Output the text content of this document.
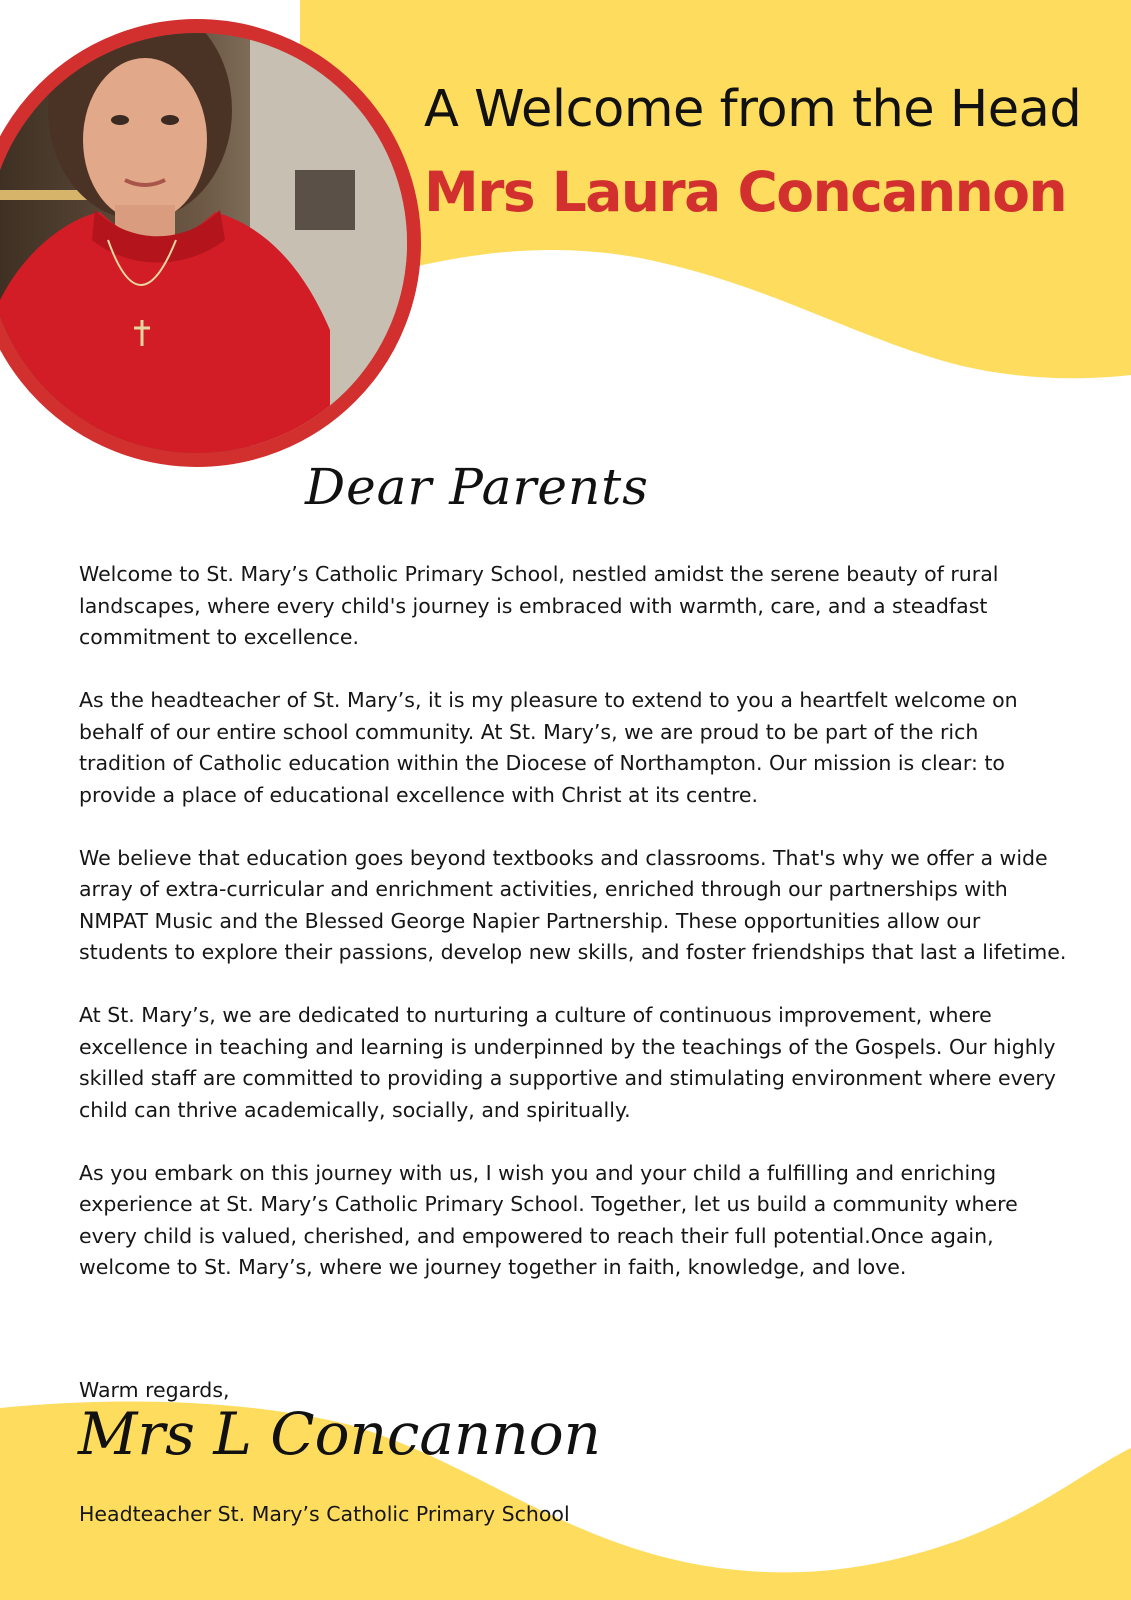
A Welcome from the Head
Mrs Laura Concannon
Dear Parents

Welcome to St. Mary’s Catholic Primary School, nestled amidst the serene beauty of rural landscapes, where every child's journey is embraced with warmth, care, and a steadfast commitment to excellence.

As the headteacher of St. Mary’s, it is my pleasure to extend to you a heartfelt welcome on behalf of our entire school community. At St. Mary’s, we are proud to be part of the rich tradition of Catholic education within the Diocese of Northampton. Our mission is clear: to provide a place of educational excellence with Christ at its centre.

We believe that education goes beyond textbooks and classrooms. That's why we offer a wide array of extra-curricular and enrichment activities, enriched through our partnerships with NMPAT Music and the Blessed George Napier Partnership. These opportunities allow our students to explore their passions, develop new skills, and foster friendships that last a lifetime.

At St. Mary’s, we are dedicated to nurturing a culture of continuous improvement, where excellence in teaching and learning is underpinned by the teachings of the Gospels. Our highly skilled staff are committed to providing a supportive and stimulating environment where every child can thrive academically, socially, and spiritually.

As you embark on this journey with us, I wish you and your child a fulfilling and enriching experience at St. Mary’s Catholic Primary School. Together, let us build a community where every child is valued, cherished, and empowered to reach their full potential.Once again, welcome to St. Mary’s, where we journey together in faith, knowledge, and love.

Warm regards,
Mrs L Concannon
Headteacher St. Mary’s Catholic Primary School
